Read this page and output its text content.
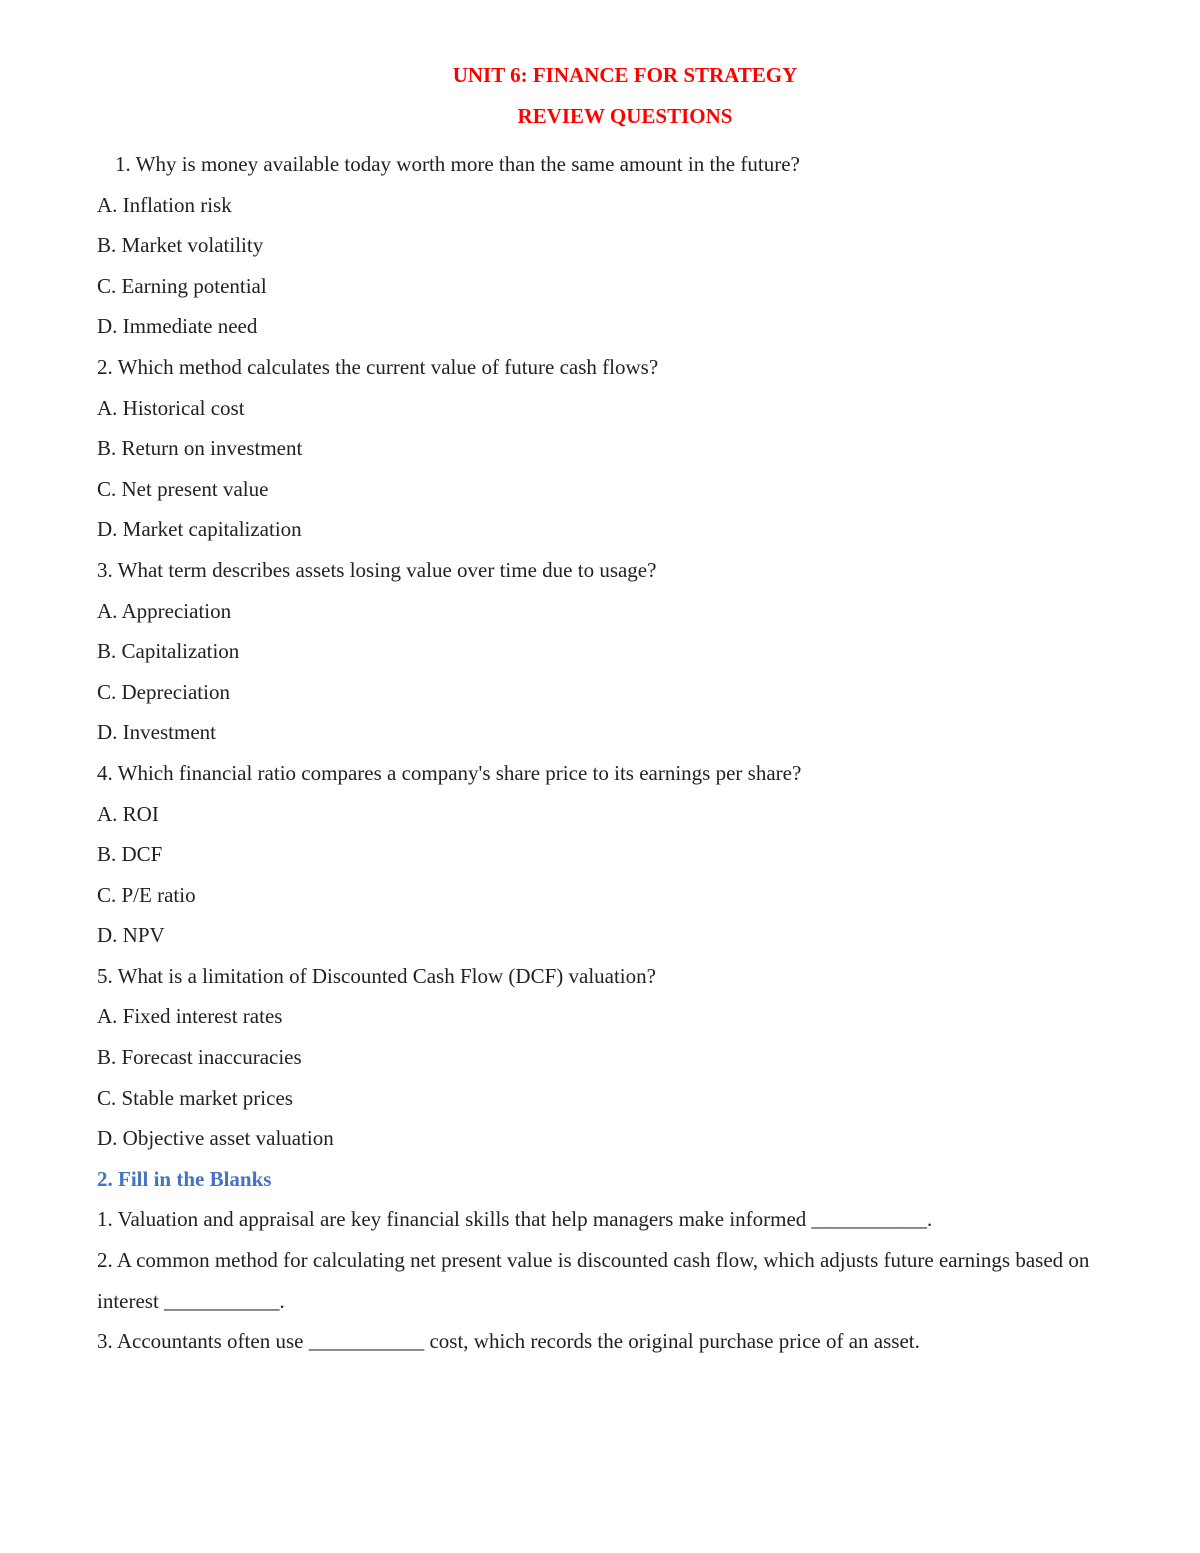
UNIT 6: FINANCE FOR STRATEGY
REVIEW QUESTIONS

1. Why is money available today worth more than the same amount in the future?

A. Inflation risk

B. Market volatility

C. Earning potential

D. Immediate need

2. Which method calculates the current value of future cash flows?

A. Historical cost

B. Return on investment

C. Net present value

D. Market capitalization

3. What term describes assets losing value over time due to usage?

A. Appreciation

B. Capitalization

C. Depreciation

D. Investment

4. Which financial ratio compares a company's share price to its earnings per share?

A. ROI

B. DCF

C. P/E ratio

D. NPV

5. What is a limitation of Discounted Cash Flow (DCF) valuation?

A. Fixed interest rates

B. Forecast inaccuracies

C. Stable market prices

D. Objective asset valuation

2. Fill in the Blanks

1. Valuation and appraisal are key financial skills that help managers make informed ___________.

2. A common method for calculating net present value is discounted cash flow, which adjusts future earnings based on interest ___________.

3. Accountants often use ___________ cost, which records the original purchase price of an asset.
